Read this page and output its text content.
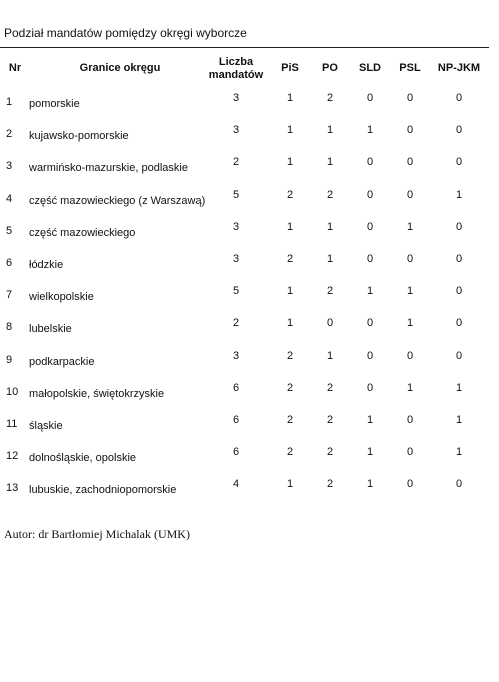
Podział mandatów pomiędzy okręgi wyborcze
Nr	Granice okręgu	Liczba
mandatów
PiS	PO	SLD	PSL	NP-JKM
1	pomorskie	3	1	2	0	0	0
2	kujawsko-pomorskie	3	1	1	1	0	0
3	warmińsko-mazurskie, podlaskie	2	1	1	0	0	0
4	część mazowieckiego (z Warszawą)	5	2	2	0	0	1
5	część mazowieckiego	3	1	1	0	1	0
6	łódzkie	3	2	1	0	0	0
7	wielkopolskie	5	1	2	1	1	0
8	lubelskie	2	1	0	0	1	0
9	podkarpackie	3	2	1	0	0	0
10 małopolskie, świętokrzyskie	6	2	2	0	1	1
11	śląskie	6	2	2	1	0	1
12 dolnośląskie, opolskie	6	2	2	1	0	1
13 lubuskie, zachodniopomorskie	4	1	2	1	0	0
Autor: dr Bartłomiej Michalak (UMK)
